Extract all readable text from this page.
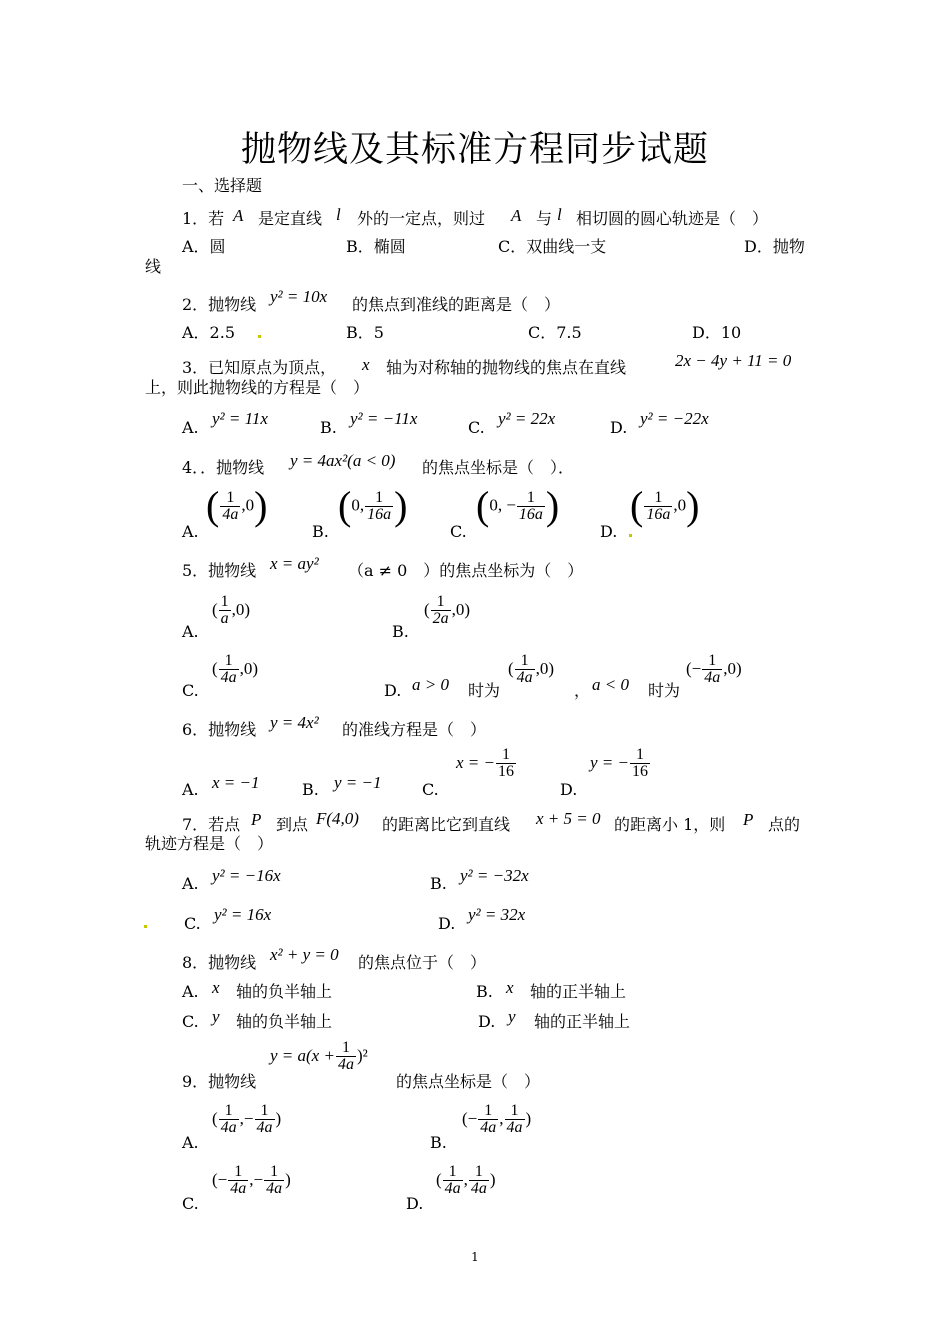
抛物线及其标准方程同步试题
一、选择题
1．若 A 是定直线 l 外的一定点，则过 A 与 l 相切圆的圆心轨迹是（　）
A．圆	B．椭圆	C．双曲线一支	D．抛物
线
2．抛物线 y² = 10x 的焦点到准线的距离是（　）
A．2.5	B．5	C．7.5	D．10
3．已知原点为顶点， x 轴为对称轴的抛物线的焦点在直线	2x − 4y + 11 = 0
上，则此抛物线的方程是（　）
A. y² = 11x	B. y² = −11x	C. y² = 22x	D. y² = −22x
4．．抛物线 y = 4ax²(a < 0) 的焦点坐标是（　）．
A.
( $\frac{1}{4a} ,0$)
B.
(0, $\frac{1}{16a}$ )
C.
(0, − $\frac{1}{16a}$ )
D.
( $\frac{1}{16a} ,0$)
5．抛物线 x = ay² （a ≠ 0　）的焦点坐标为（　）
A.
( $\frac{1}{a} ,0$)
B.
( $\frac{1}{2a} ,0$)
C.
( $\frac{1}{4a} ,0$)
D. a > 0 时为
( $\frac{1}{4a} ,0$)
， a < 0 时为
(− $\frac{1}{4a} ,0$)
6．抛物线 y = 4x² 的准线方程是（　）
A. x = −1	B. y = −1	C.
x = − $\frac{1}{16}$
D.
y = − $\frac{1}{16}$
7．若点 P 到点 F(4,0) 的距离比它到直线 x + 5 = 0 的距离小 1，则 P 点的
轨迹方程是（　）
A. y² = −16x	B. y² = −32x
C. y² = 16x	D. y² = 32x
8．抛物线 x² + y = 0 的焦点位于（　）
A. x 轴的负半轴上	B. x 轴的正半轴上
C. y 轴的负半轴上	D. y 轴的正半轴上
9．抛物线
$y = a(x + \frac{1}{4a} )^2$
的焦点坐标是（　）
A.
( $\frac{1}{4a}$ ,− $\frac{1}{4a}$ )
B.
(− $\frac{1}{4a}$ , $\frac{1}{4a}$ )
C.
(− $\frac{1}{4a}$ ,− $\frac{1}{4a}$ )
D.
( $\frac{1}{4a}$ , $\frac{1}{4a}$ )
1
